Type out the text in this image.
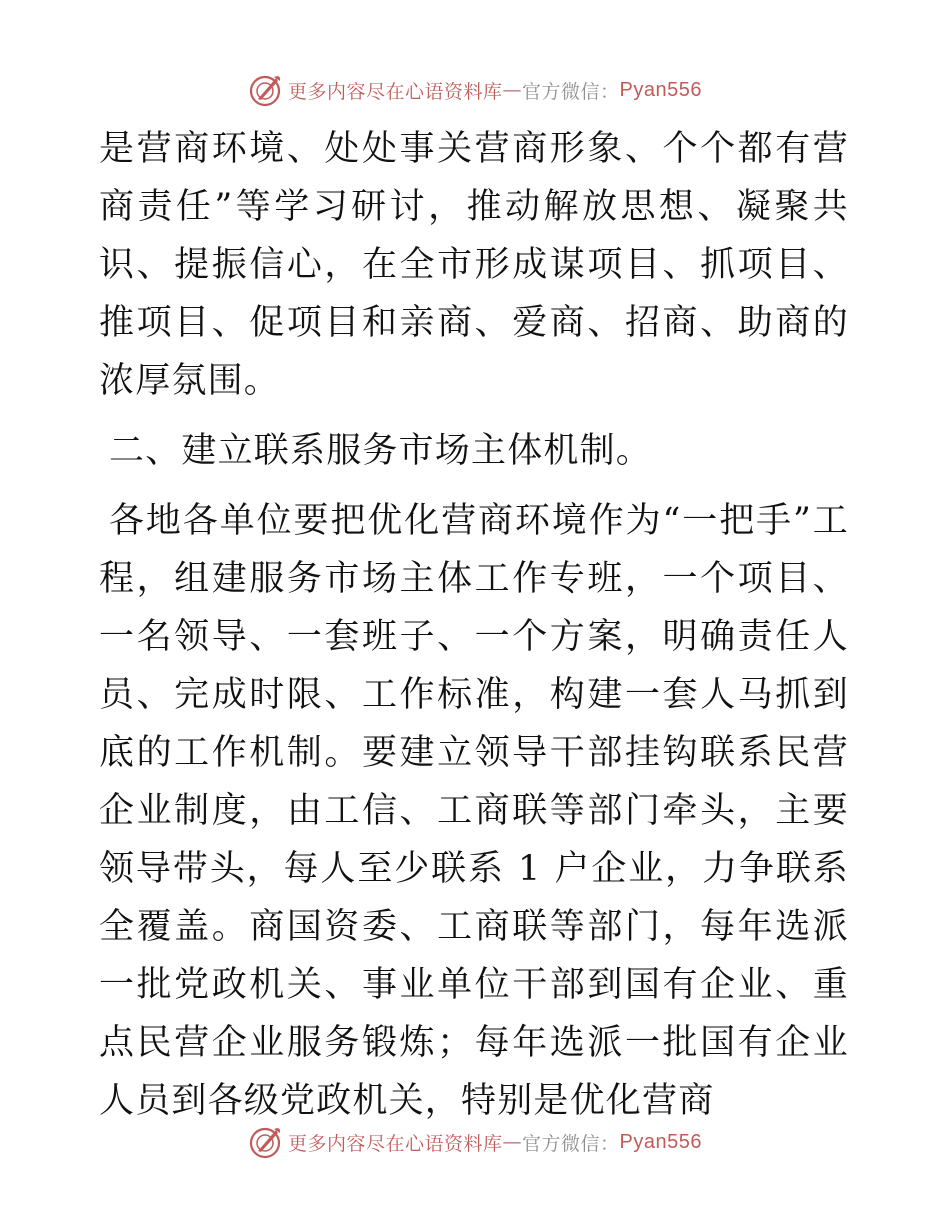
更多内容尽在心语资料库 — 官方微信： Pyan556

是营商环境、处处事关营商形象、个个都有营商责任”等学习研讨，推动解放思想、凝聚共识、提振信心，在全市形成谋项目、抓项目、推项目、促项目和亲商、爱商、招商、助商的浓厚氛围。

二、建立联系服务市场主体机制。

各地各单位要把优化营商环境作为“一把手”工程，组建服务市场主体工作专班，一个项目、一名领导、一套班子、一个方案，明确责任人员、完成时限、工作标准，构建一套人马抓到底的工作机制。要建立领导干部挂钩联系民营企业制度，由工信、工商联等部门牵头，主要领导带头，每人至少联系 1 户企业，力争联系全覆盖。商国资委、工商联等部门，每年选派一批党政机关、事业单位干部到国有企业、重点民营企业服务锻炼；每年选派一批国有企业人员到各级党政机关，特别是优化营商

更多内容尽在心语资料库 — 官方微信： Pyan556
